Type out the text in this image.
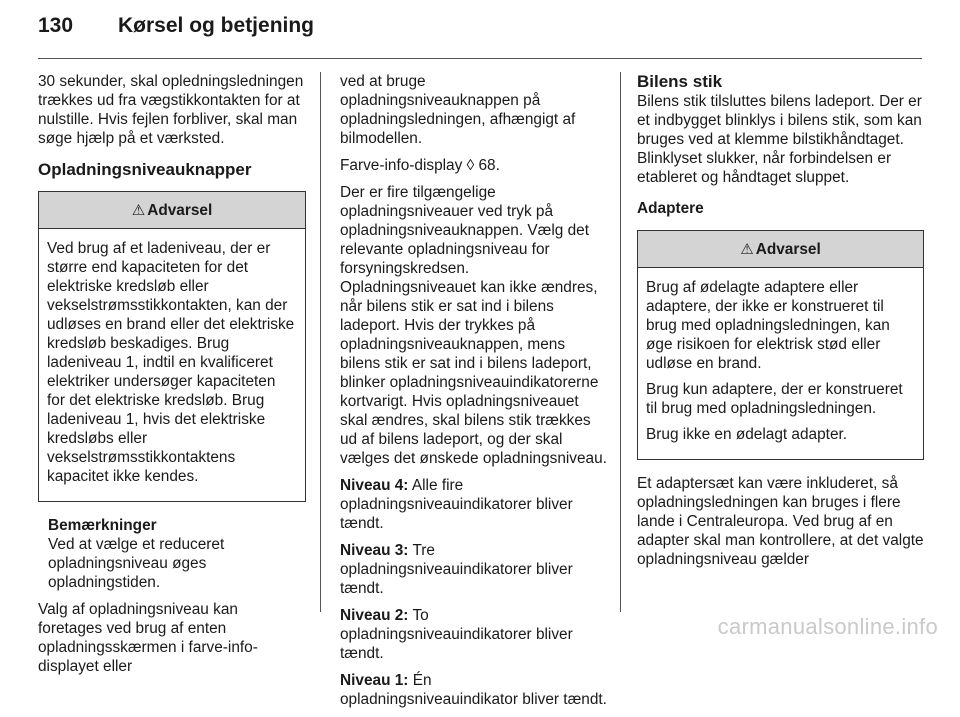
130	Kørsel og betjening

30 sekunder, skal opledningsledningen trækkes ud fra vægstikkontakten for at nulstille. Hvis fejlen forbliver, skal man søge hjælp på et værksted.

Opladningsniveauknapper
⚠ Advarsel

Ved brug af et ladeniveau, der er større end kapaciteten for det elektriske kredsløb eller vekselstrømsstikkontakten, kan der udløses en brand eller det elektriske kredsløb beskadiges. Brug ladeniveau 1, indtil en kvalificeret elektriker undersøger kapaciteten for det elektriske kredsløb. Brug ladeniveau 1, hvis det elektriske kredsløbs eller vekselstrømsstikkontaktens kapacitet ikke kendes.

Bemærkninger
Ved at vælge et reduceret opladningsniveau øges opladningstiden.

Valg af opladningsniveau kan foretages ved brug af enten opladningsskærmen i farve-info-displayet eller

ved at bruge opladningsniveauknappen på opladningsledningen, afhængigt af bilmodellen.

Farve-info-display ◊ 68.

Der er fire tilgængelige opladningsniveauer ved tryk på opladningsniveauknappen. Vælg det relevante opladningsniveau for forsyningskredsen. Opladningsniveauet kan ikke ændres, når bilens stik er sat ind i bilens ladeport. Hvis der trykkes på opladningsniveauknappen, mens bilens stik er sat ind i bilens ladeport, blinker opladningsniveauindikatorerne kortvarigt. Hvis opladningsniveauet skal ændres, skal bilens stik trækkes ud af bilens ladeport, og der skal vælges det ønskede opladningsniveau.

Niveau 4: Alle fire opladningsniveauindikatorer bliver tændt.

Niveau 3: Tre opladningsniveauindikatorer bliver tændt.

Niveau 2: To opladningsniveauindikatorer bliver tændt.

Niveau 1: Én opladningsniveauindikator bliver tændt.

Bilens stik

Bilens stik tilsluttes bilens ladeport. Der er et indbygget blinklys i bilens stik, som kan bruges ved at klemme bilstikhåndtaget. Blinklyset slukker, når forbindelsen er etableret og håndtaget sluppet.

Adaptere
⚠ Advarsel

Brug af ødelagte adaptere eller adaptere, der ikke er konstrueret til brug med opladningsledningen, kan øge risikoen for elektrisk stød eller udløse en brand.

Brug kun adaptere, der er konstrueret til brug med opladningsledningen.

Brug ikke en ødelagt adapter.

Et adaptersæt kan være inkluderet, så opladningsledningen kan bruges i flere lande i Centraleuropa. Ved brug af en adapter skal man kontrollere, at det valgte opladningsniveau gælder

carmanualsonline.info
